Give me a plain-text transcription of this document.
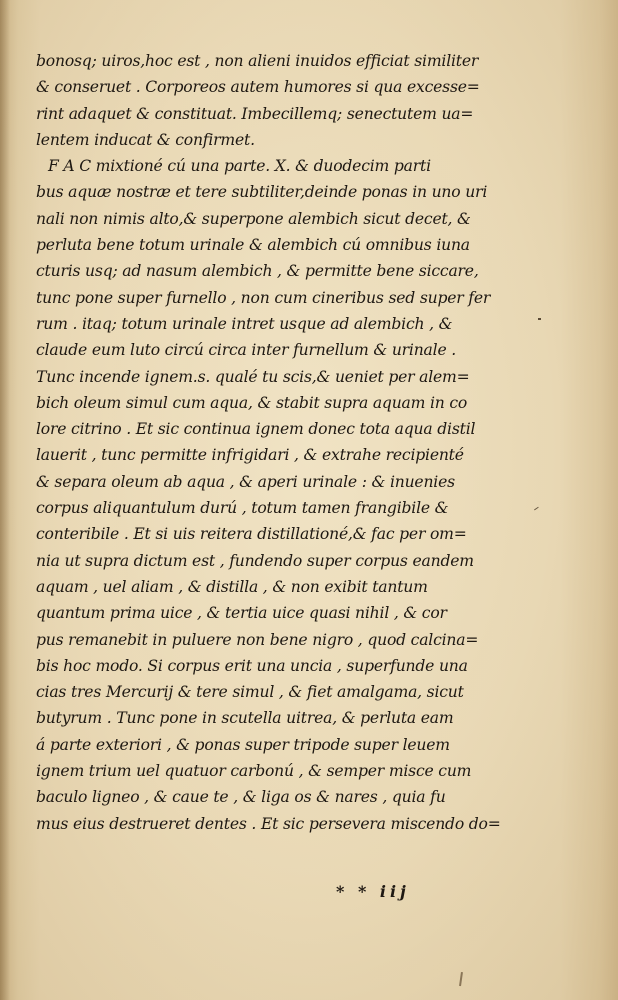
bonosq; uiros,hoc est , non alieni inuidos efficiat similiter
& conseruet . Corporeos autem humores si qua excesse=
rint adaquet & constituat. Imbecillemq; senectutem ua=
lentem inducat & confirmet.
F A C mixtioné cú una parte. X. & duodecim parti
bus aquæ nostræ et tere subtiliter,deinde ponas in uno uri
nali non nimis alto,& superpone alembich sicut decet, &
perluta bene totum urinale & alembich cú omnibus iuna
cturis usq; ad nasum alembich , & permitte bene siccare,
tunc pone super furnello , non cum cineribus sed super fer
rum . itaq; totum urinale intret usque ad alembich , &
claude eum luto circú circa inter furnellum & urinale .
Tunc incende ignem.s. qualé tu scis,& ueniet per alem=
bich oleum simul cum aqua, & stabit supra aquam in co
lore citrino . Et sic continua ignem donec tota aqua distil
lauerit , tunc permitte infrigidari , & extrahe recipienté
& separa oleum ab aqua , & aperi urinale : & inuenies
corpus aliquantulum durú , totum tamen frangibile &
conteribile . Et si uis reitera distillationé,& fac per om=
nia ut supra dictum est , fundendo super corpus eandem
aquam , uel aliam , & distilla , & non exibit tantum
quantum prima uice , & tertia uice quasi nihil , & cor
pus remanebit in puluere non bene nigro , quod calcina=
bis hoc modo. Si corpus erit una uncia , superfunde una
cias tres Mercurij & tere simul , & fiet amalgama, sicut
butyrum . Tunc pone in scutella uitrea, & perluta eam
á parte exteriori , & ponas super tripode super leuem
ignem trium uel quatuor carbonú , & semper misce cum
baculo ligneo , & caue te , & liga os & nares , quia fu
mus eius destrueret dentes . Et sic persevera miscendo do=
* * iij
